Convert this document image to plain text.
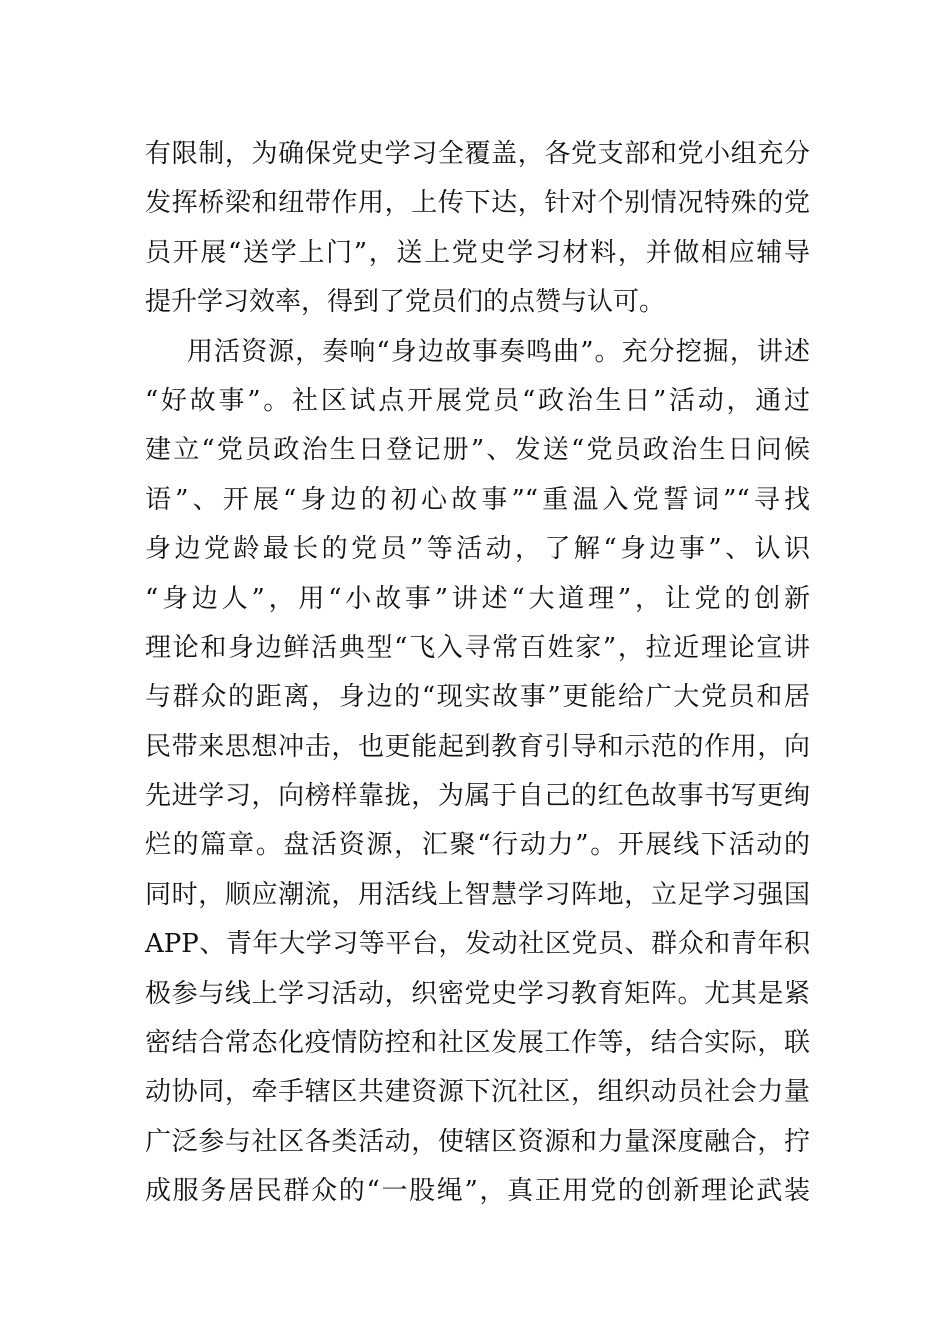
有限制，为确保党史学习全覆盖，各党支部和党小组充分
发挥桥梁和纽带作用，上传下达，针对个别情况特殊的党
员开展“送学上门”，送上党史学习材料，并做相应辅导
提升学习效率，得到了党员们的点赞与认可。
用活资源，奏响“身边故事奏鸣曲”。充分挖掘，讲述
“好故事”。社区试点开展党员“政治生日”活动，通过
建立“党员政治生日登记册”、发送“党员政治生日问候
语”、开展“身边的初心故事”“重温入党誓词”“寻找
身边党龄最长的党员”等活动，了解“身边事”、认识
“身边人”，用“小故事”讲述“大道理”，让党的创新
理论和身边鲜活典型“飞入寻常百姓家”，拉近理论宣讲
与群众的距离，身边的“现实故事”更能给广大党员和居
民带来思想冲击，也更能起到教育引导和示范的作用，向
先进学习，向榜样靠拢，为属于自己的红色故事书写更绚
烂的篇章。盘活资源，汇聚“行动力”。开展线下活动的
同时，顺应潮流，用活线上智慧学习阵地，立足学习强国
APP、青年大学习等平台，发动社区党员、群众和青年积
极参与线上学习活动，织密党史学习教育矩阵。尤其是紧
密结合常态化疫情防控和社区发展工作等，结合实际，联
动协同，牵手辖区共建资源下沉社区，组织动员社会力量
广泛参与社区各类活动，使辖区资源和力量深度融合，拧
成服务居民群众的“一股绳”，真正用党的创新理论武装
